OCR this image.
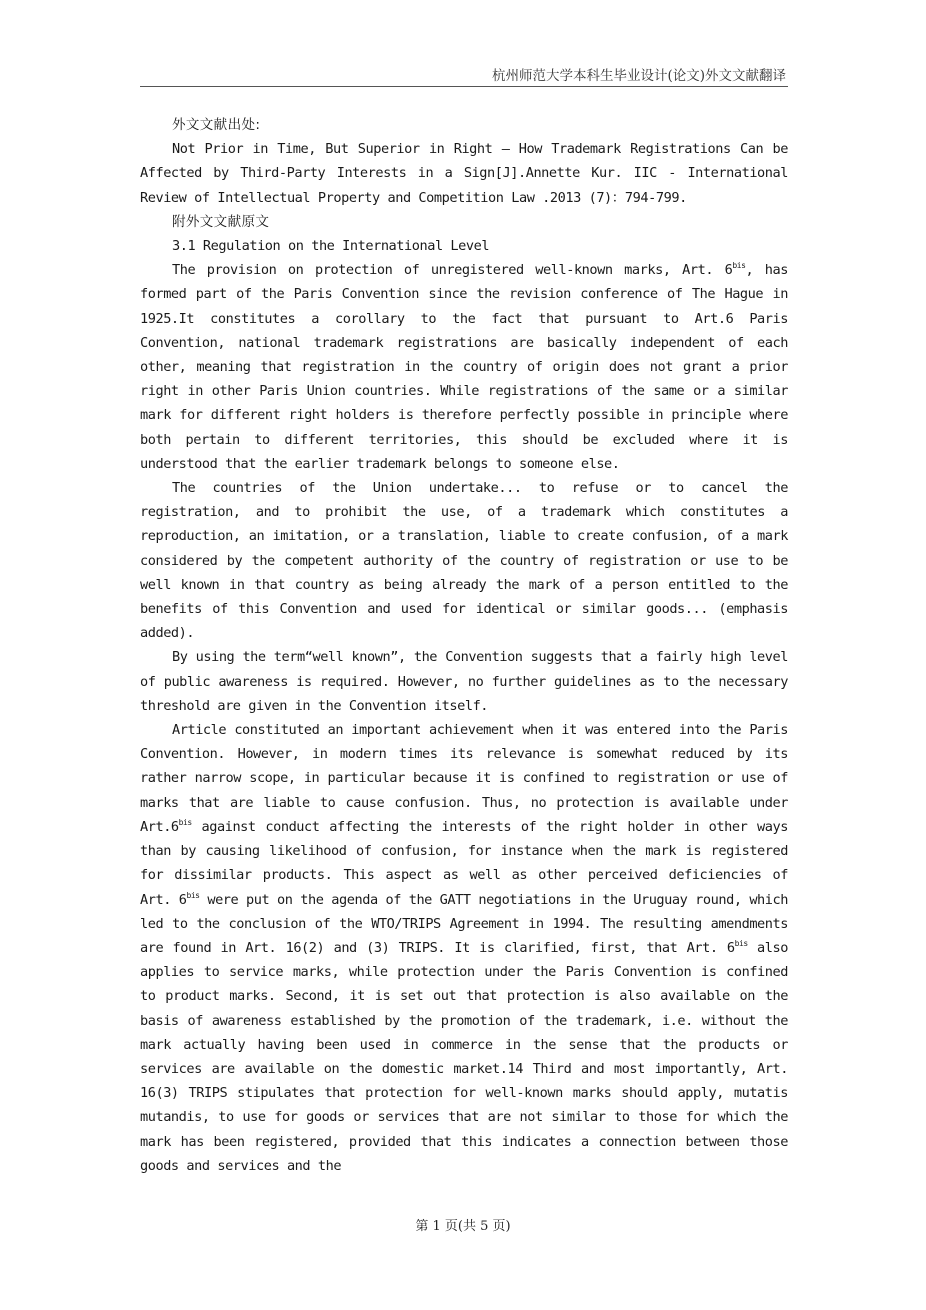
杭州师范大学本科生毕业设计(论文)外文文献翻译

外文文献出处:

Not Prior in Time, But Superior in Right — How Trademark Registrations Can be Affected by Third-Party Interests in a Sign[J].Annette Kur. IIC - International Review of Intellectual Property and Competition Law .2013 (7)：794-799.

附外文文献原文

3.1 Regulation on the International Level

The provision on protection of unregistered well-known marks, Art. $6^{bis}$, has formed part of the Paris Convention since the revision conference of The Hague in 1925.It constitutes a corollary to the fact that pursuant to Art.6 Paris Convention, national trademark registrations are basically independent of each other, meaning that registration in the country of origin does not grant a prior right in other Paris Union countries. While registrations of the same or a similar mark for different right holders is therefore perfectly possible in principle where both pertain to different territories, this should be excluded where it is understood that the earlier trademark belongs to someone else.

The countries of the Union undertake... to refuse or to cancel the registration, and to prohibit the use, of a trademark which constitutes a reproduction, an imitation, or a translation, liable to create confusion, of a mark considered by the competent authority of the country of registration or use to be well known in that country as being already the mark of a person entitled to the benefits of this Convention and used for identical or similar goods... (emphasis added).

By using the term“well known”, the Convention suggests that a fairly high level of public awareness is required. However, no further guidelines as to the necessary threshold are given in the Convention itself.

Article constituted an important achievement when it was entered into the Paris Convention. However, in modern times its relevance is somewhat reduced by its rather narrow scope, in particular because it is confined to registration or use of marks that are liable to cause confusion. Thus, no protection is available under $Art.6^{bis}$ against conduct affecting the interests of the right holder in other ways than by causing likelihood of confusion, for instance when the mark is registered for dissimilar products. This aspect as well as other perceived deficiencies of Art. $6^{bis}$ were put on the agenda of the GATT negotiations in the Uruguay round, which led to the conclusion of the WTO/TRIPS Agreement in 1994. The resulting amendments are found in Art. 16(2) and (3) TRIPS. It is clarified, first, that Art. $6^{bis}$ also applies to service marks, while protection under the Paris Convention is confined to product marks. Second, it is set out that protection is also available on the basis of awareness established by the promotion of the trademark, i.e. without the mark actually having been used in commerce in the sense that the products or services are available on the domestic market.14 Third and most importantly, Art. 16(3) TRIPS stipulates that protection for well-known marks should apply, mutatis mutandis, to use for goods or services that are not similar to those for which the mark has been registered, provided that this indicates a connection between those goods and services and the

第 1 页(共 5 页)
